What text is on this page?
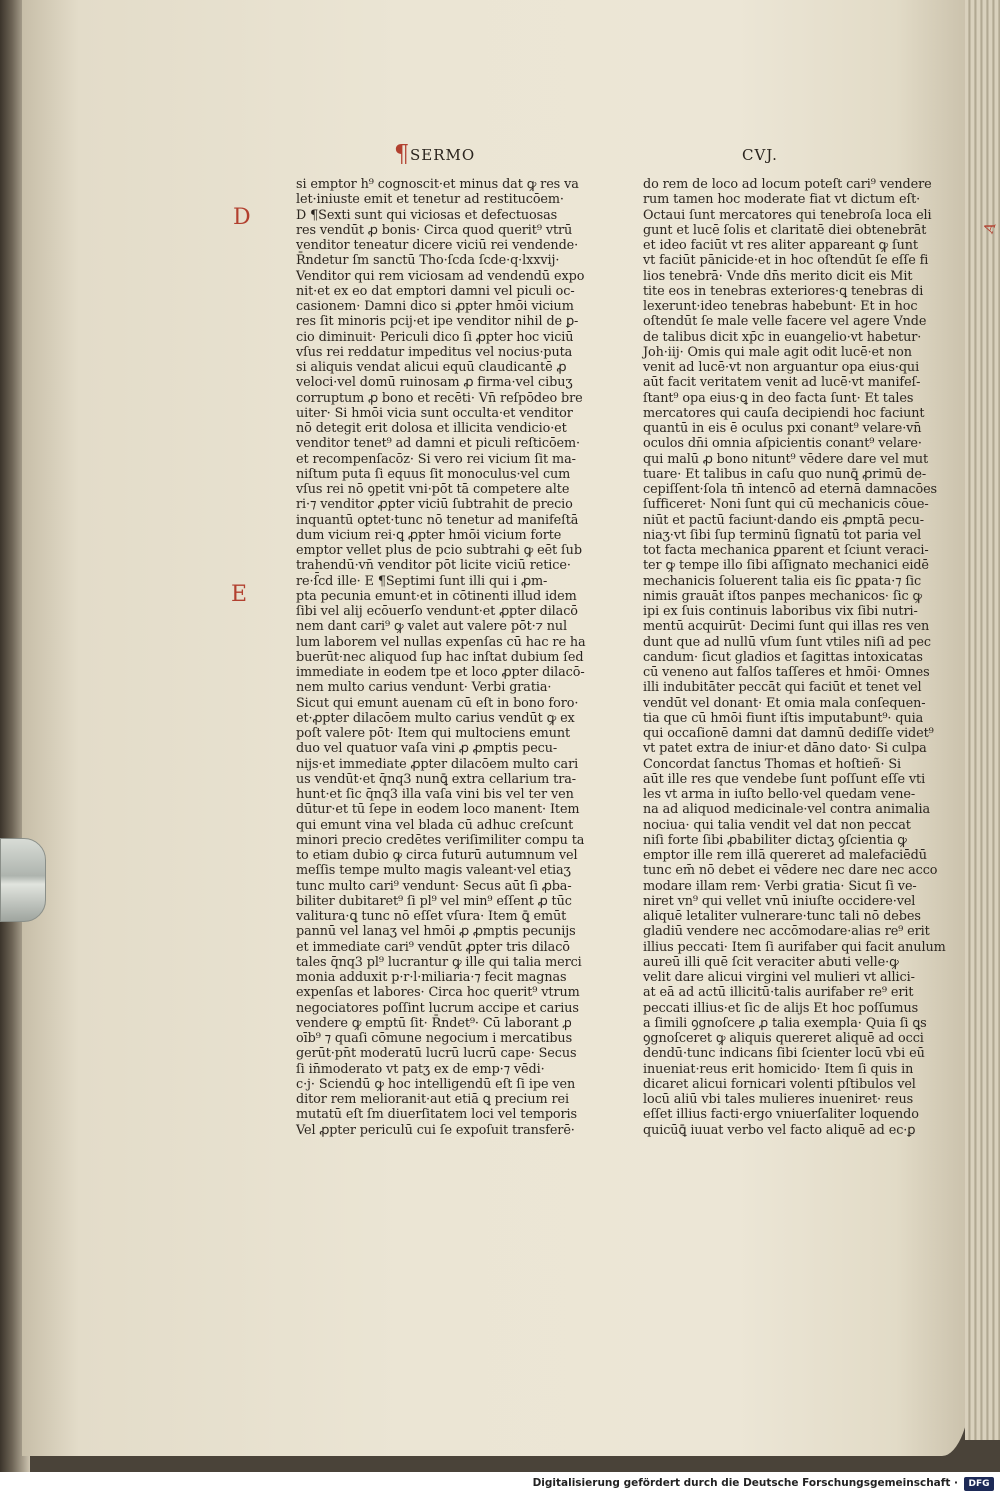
¶ SERMO	CVJ.
D
E
A
si emptor h⁹ cognoscit·et minus dat ꝙ res va
let·iniuste emit et tenetur ad restitucōem·
D ¶Sexti sunt qui viciosas et defectuosas
res vendūt ꝓ bonis· Circa quod querit⁹ vtrū
venditor teneatur dicere viciū rei vendende·
R̄ndetur ſm sanctū Tho·ſcda ſcde·q·lxxvij·
Venditor qui rem viciosam ad vendendū expo
nit·et ex eo dat emptori damni vel piculi oc-
casionem· Damni dico si ꝓpter hmōi vicium
res ſit minoris pcij·et ipe venditor nihil de ꝑ-
cio diminuit· Periculi dico ſi ꝓpter hoc viciū
vſus rei reddatur impeditus vel nocius·puta
si aliquis vendat alicui equū claudicantē ꝓ
veloci·vel domū ruinosam ꝓ firma·vel cibuʒ
corruptum ꝓ bono et recēti· Vn̄ reſpōdeo bre
uiter· Si hmōi vicia sunt occulta·et venditor
nō detegit erit dolosa et illicita vendicio·et
venditor tenet⁹ ad damni et piculi reſticōem·
et recompenſacōz· Si vero rei vicium ſit ma-
niſtum puta ſi equus ſit monoculus·vel cum
vſus rei nō ꝯpetit vni·pōt tā competere alte
ri·⁊ venditor ꝓpter viciū ſubtrahit de precio
inquantū oꝑtet·tunc nō tenetur ad manifeſtā
dum vicium rei·ꝗ ꝓpter hmōi vicium forte
emptor vellet plus de pcio subtrahi ꝙ eēt ſub
trahendū·vn̄ venditor pōt licite viciū retice·
re·ſ̄cd ille· E ¶Septimi ſunt illi qui i ꝓm-
pta pecunia emunt·et in cōtinenti illud idem
ſibi vel alij ecōuerſo vendunt·et ꝓpter dilacō
nem dant cari⁹ ꝙ valet aut valere pōt·⁊ nul
lum laborem vel nullas expenſas cū hac re ha
buerūt·nec aliquod ſup hac inſtat dubium ſed
immediate in eodem tpe et loco ꝓpter dilacō-
nem multo carius vendunt· Verbi gratia·
Sicut qui emunt auenam cū eſt in bono foro·
et·ꝓpter dilacōem multo carius vendūt ꝙ ex
poſt valere pōt· Item qui multociens emunt
duo vel quatuor vaſa vini ꝓ ꝓmptis pecu-
nijs·et immediate ꝓpter dilacōem multo cari
us vendūt·et q̄nq3 nunꝗ̄ extra cellarium tra-
hunt·et ſic q̄nq3 illa vaſa vini bis vel ter ven
dūtur·et tū ſepe in eodem loco manent· Item
qui emunt vina vel blada cū adhuc creſcunt
minori precio credētes veriſimiliter compu ta
to etiam dubio ꝙ circa futurū autumnum vel
meſſis tempe multo magis valeant·vel etiaʒ
tunc multo cari⁹ vendunt· Secus aūt ſi ꝓba-
biliter dubitaret⁹ ſi pl⁹ vel min⁹ eſſent ꝓ tūc
valitura·ꝗ tunc nō eſſet vſura· Item ꝗ̄ emūt
pannū vel lanaʒ vel hmōi ꝓ ꝓmptis pecunijs
et immediate cari⁹ vendūt ꝓpter tris dilacō
tales q̄nq3 pl⁹ lucrantur ꝙ ille qui talia merci
monia adduxit p·r·l·miliaria·⁊ fecit magnas
expenſas et labores· Circa hoc querit⁹ vtrum
negociatores poſſint lucrum accipe et carius
vendere ꝙ emptū ſit· R̄ndet⁹· Cū laborant ꝓ
oīb⁹ ⁊ quaſi cōmune negocium i mercatibus
gerūt·pn̄t moderatū lucrū lucrū cape· Secus
ſi in̄moderato vt patʒ ex de emp·⁊ vēdi·
c·j· Sciendū ꝙ hoc intelligendū eſt ſi ipe ven
ditor rem melioranit·aut etiā ꝗ precium rei
mutatū eſt ſm diuerſitatem loci vel temporis
Vel ꝓpter periculū cui ſe expoſuit transferē·
do rem de loco ad locum poteſt cari⁹ vendere
rum tamen hoc moderate fiat vt dictum eſt·
Octaui ſunt mercatores qui tenebroſa loca eli
gunt et lucē ſolis et claritatē diei obtenebrāt
et ideo faciūt vt res aliter appareant ꝙ ſunt
vt faciūt pānicide·et in hoc oſtendūt ſe eſſe fi
lios tenebrā· Vnde dn̄s merito dicit eis Mit
tite eos in tenebras exteriores·ꝗ tenebras di
lexerunt·ideo tenebras habebunt· Et in hoc
oſtendūt ſe male velle facere vel agere Vnde
de talibus dicit xp̄c in euangelio·vt habetur·
Joh·iij· Omis qui male agit odit lucē·et non
venit ad lucē·vt non arguantur opa eius·qui
aūt facit veritatem venit ad lucē·vt manifeſ-
ſtant⁹ opa eius·ꝗ in deo facta ſunt· Et tales
mercatores qui cauſa decipiendi hoc faciunt
quantū in eis ē oculus pxi conant⁹ velare·vn̄
oculos dn̄i omnia aſpicientis conant⁹ velare·
qui malū ꝓ bono nitunt⁹ vēdere dare vel mut
tuare· Et talibus in caſu quo nunꝗ̄ ꝓrimū de-
cepiſſent·ſola tn̄ intencō ad eternā damnacōes
ſufficeret· Noni ſunt qui cū mechanicis cōue-
niūt et pactū faciunt·dando eis ꝓmptā pecu-
niaʒ·vt ſibi ſup terminū ſignatū tot paria vel
tot facta mechanica ꝑparent et ſciunt veraci-
ter ꝙ tempe illo ſibi aſſignato mechanici eidē
mechanicis ſoluerent talia eis ſic ꝑpata·⁊ ſic
nimis grauāt iſtos panpes mechanicos· ſic ꝙ
ipi ex ſuis continuis laboribus vix ſibi nutri-
mentū acquirūt· Decimi ſunt qui illas res ven
dunt que ad nullū vſum ſunt vtiles niſi ad pec
candum· ſicut gladios et ſagittas intoxicatas
cū veneno aut falſos taſſeres et hmōi· Omnes
illi indubitāter peccāt qui faciūt et tenet vel
vendūt vel donant· Et omia mala conſequen-
tia que cū hmōi fiunt iſtis imputabunt⁹· quia
qui occaſionē damni dat damnū dediſſe videt⁹
vt patet extra de iniur·et dāno dato· Si culpa
Concordat ſanctus Thomas et hoſtieñ· Si
aūt ille res que vendebe ſunt poſſunt eſſe vti
les vt arma in iuſto bello·vel quedam vene-
na ad aliquod medicinale·vel contra animalia
nociua· qui talia vendit vel dat non peccat
niſi forte ſibi ꝓbabiliter dictaʒ ꝯſcientia ꝙ
emptor ille rem illā quereret ad malefaciēdū
tunc em̄ nō debet ei vēdere nec dare nec acco
modare illam rem· Verbi gratia· Sicut ſi ve-
niret vn⁹ qui vellet vnū iniuſte occidere·vel
aliquē letaliter vulnerare·tunc tali nō debes
gladiū vendere nec accōmodare·alias re⁹ erit
illius peccati· Item ſi aurifaber qui facit anulum
aureū illi quē ſcit veraciter abuti velle·ꝙ
velit dare alicui virgini vel mulieri vt allici-
at eā ad actū illicitū·talis aurifaber re⁹ erit
peccati illius·et ſic de alijs Et hoc poſſumus
a ſimili ꝯgnoſcere ꝓ talia exempla· Quia ſi ꝗs
ꝯgnoſceret ꝙ aliquis quereret aliquē ad occi
dendū·tunc indicans ſibi ſcienter locū vbi eū
inueniat·reus erit homicido· Item ſi quis in
dicaret alicui fornicari volenti pſtibulos vel
locū aliū vbi tales mulieres inueniret· reus
eſſet illius facti·ergo vniuerſaliter loquendo
quicūꝗ̄ iuuat verbo vel facto aliquē ad ec·ꝑ
Digitalisierung gefördert durch die Deutsche Forschungsgemeinschaft ·	DFG
